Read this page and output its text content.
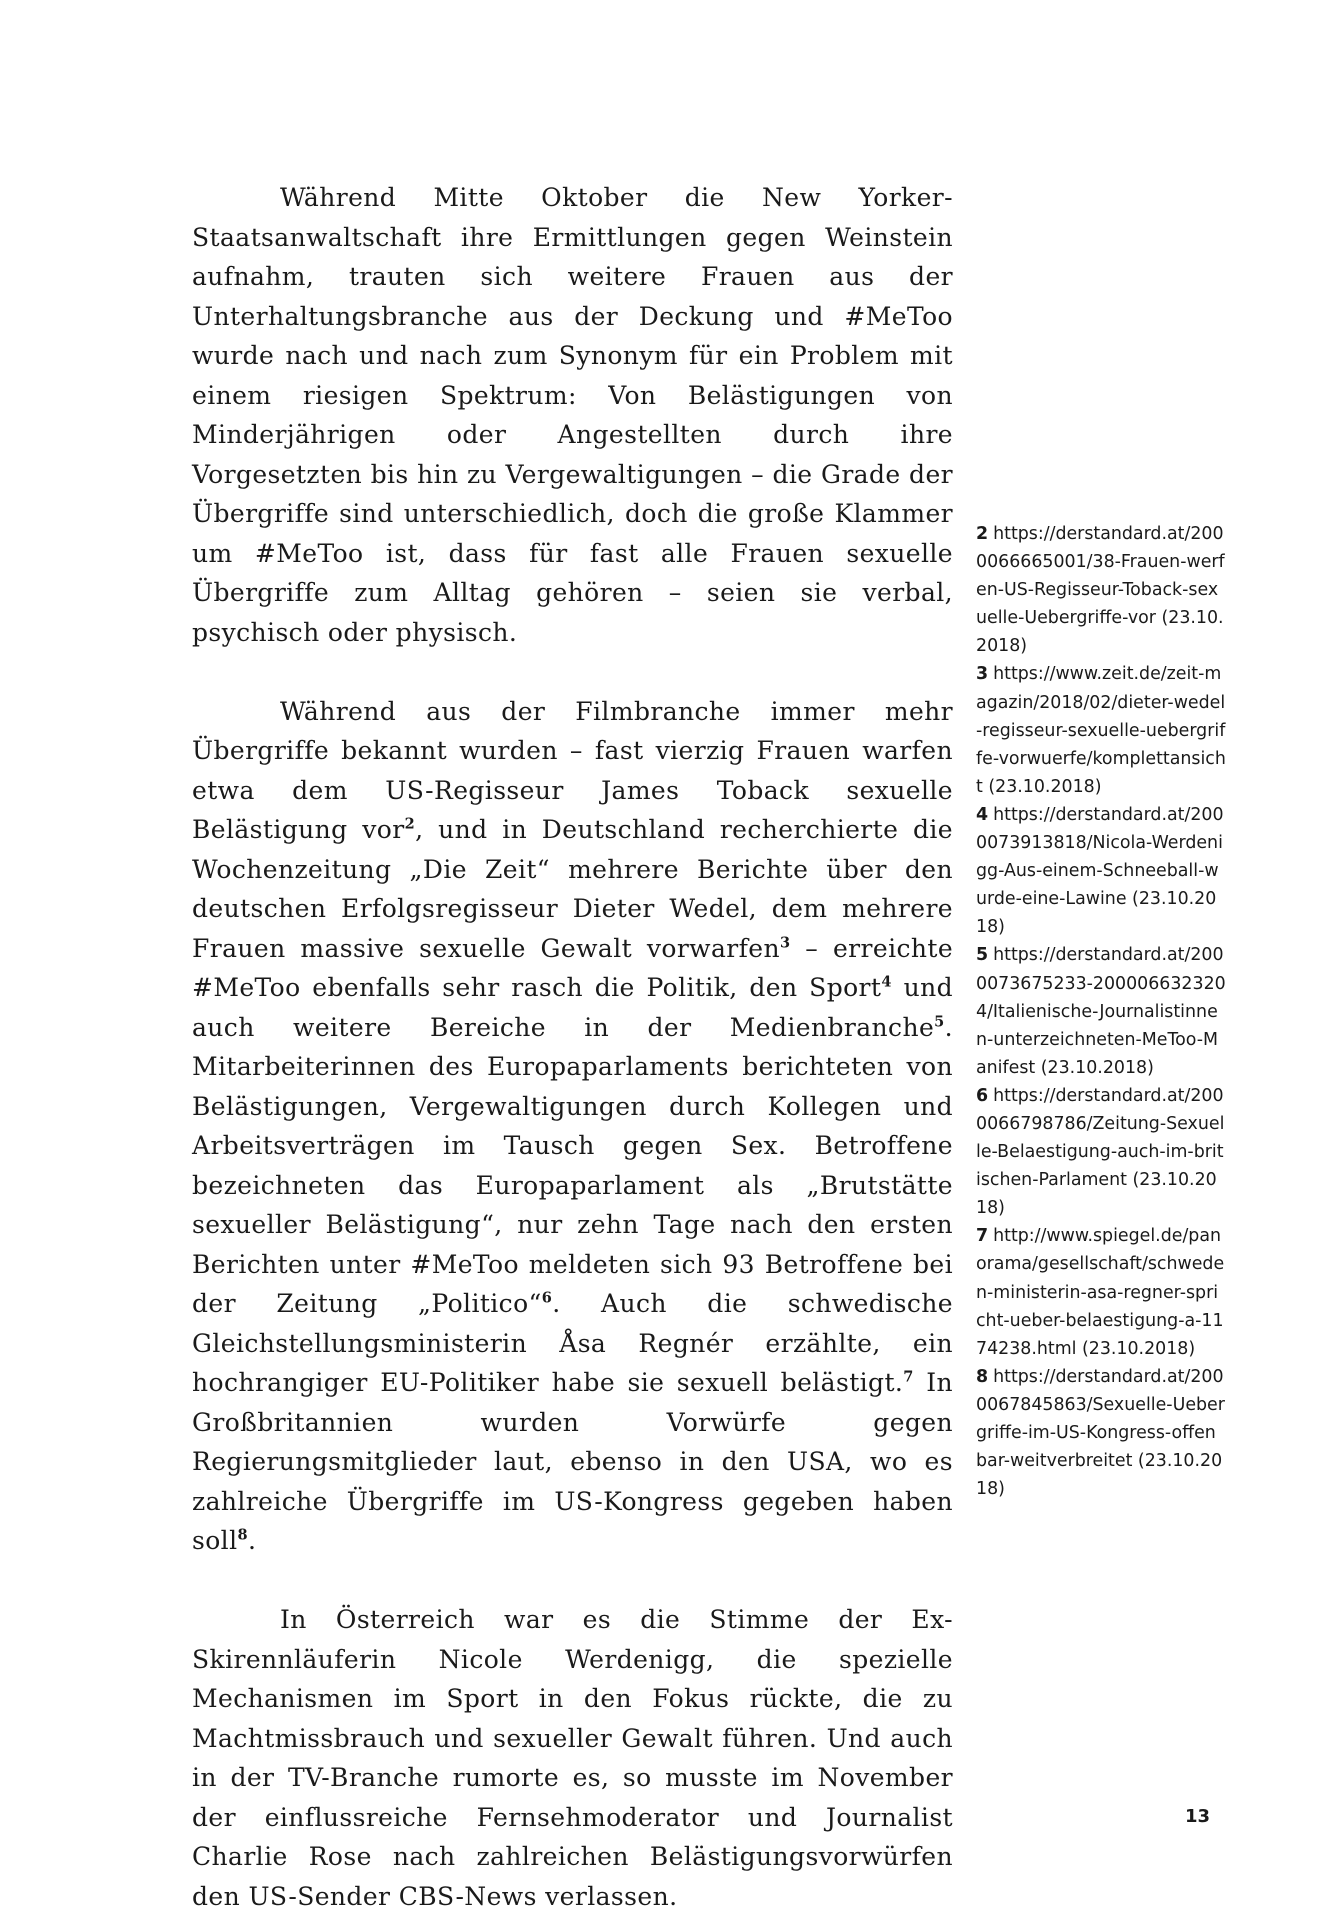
Während Mitte Oktober die New Yorker-Staatsanwaltschaft ihre Ermittlungen gegen Weinstein aufnahm, trauten sich weitere Frauen aus der Unterhaltungsbranche aus der Deckung und #MeToo wurde nach und nach zum Synonym für ein Problem mit einem riesigen Spektrum: Von Belästigungen von Minderjährigen oder Angestellten durch ihre Vorgesetzten bis hin zu Vergewaltigungen – die Grade der Übergriffe sind unterschiedlich, doch die große Klammer um #MeToo ist, dass für fast alle Frauen sexuelle Übergriffe zum Alltag gehören – seien sie verbal, psychisch oder physisch.

Während aus der Filmbranche immer mehr Übergriffe bekannt wurden – fast vierzig Frauen warfen etwa dem US-Regisseur James Toback sexuelle Belästigung vor$^2$, und in Deutschland recherchierte die Wochenzeitung „Die Zeit“ mehrere Berichte über den deutschen Erfolgsregisseur Dieter Wedel, dem mehrere Frauen massive sexuelle Gewalt vorwarfen$^3$ – erreichte #MeToo ebenfalls sehr rasch die Politik, den Sport$^4$ und auch weitere Bereiche in der Medienbranche$^5$. Mitarbeiterinnen des Europaparlaments berichteten von Belästigungen, Vergewaltigungen durch Kollegen und Arbeitsverträgen im Tausch gegen Sex. Betroffene bezeichneten das Europaparlament als „Brutstätte sexueller Belästigung“, nur zehn Tage nach den ersten Berichten unter #MeToo meldeten sich 93 Betroffene bei der Zeitung „Politico“$^6$. Auch die schwedische Gleichstellungsministerin Åsa Regnér erzählte, ein hochrangiger EU-Politiker habe sie sexuell belästigt.$^7$ In Großbritannien wurden Vorwürfe gegen Regierungsmitglieder laut, ebenso in den USA, wo es zahlreiche Übergriffe im US-Kongress gegeben haben soll$^8$.

In Österreich war es die Stimme der Ex-Skirennläuferin Nicole Werdenigg, die spezielle Mechanismen im Sport in den Fokus rückte, die zu Machtmissbrauch und sexueller Gewalt führen. Und auch in der TV-Branche rumorte es, so musste im November der einflussreiche Fernsehmoderator und Journalist Charlie Rose nach zahlreichen Belästigungsvorwürfen den US-Sender CBS-News verlassen.

2 https://derstandard.at/2000066665001/38-Frauen-werfen-US-Regisseur-Toback-sexuelle-Uebergriffe-vor (23.10.2018)
3 https://www.zeit.de/zeit-magazin/2018/02/dieter-wedel-regisseur-sexuelle-uebergriffe-vorwuerfe/komplettansicht (23.10.2018)
4 https://derstandard.at/2000073913818/Nicola-Werdenigg-Aus-einem-Schneeball-wurde-eine-Lawine (23.10.2018)
5 https://derstandard.at/2000073675233-2000066323204/Italienische-Journalistinnen-unterzeichneten-MeToo-Manifest (23.10.2018)
6 https://derstandard.at/2000066798786/Zeitung-Sexuelle-Belaestigung-auch-im-britischen-Parlament (23.10.2018)
7 http://www.spiegel.de/panorama/gesellschaft/schweden-ministerin-asa-regner-spricht-ueber-belaestigung-a-1174238.html (23.10.2018)
8 https://derstandard.at/2000067845863/Sexuelle-Uebergriffe-im-US-Kongress-offenbar-weitverbreitet (23.10.2018)
13
